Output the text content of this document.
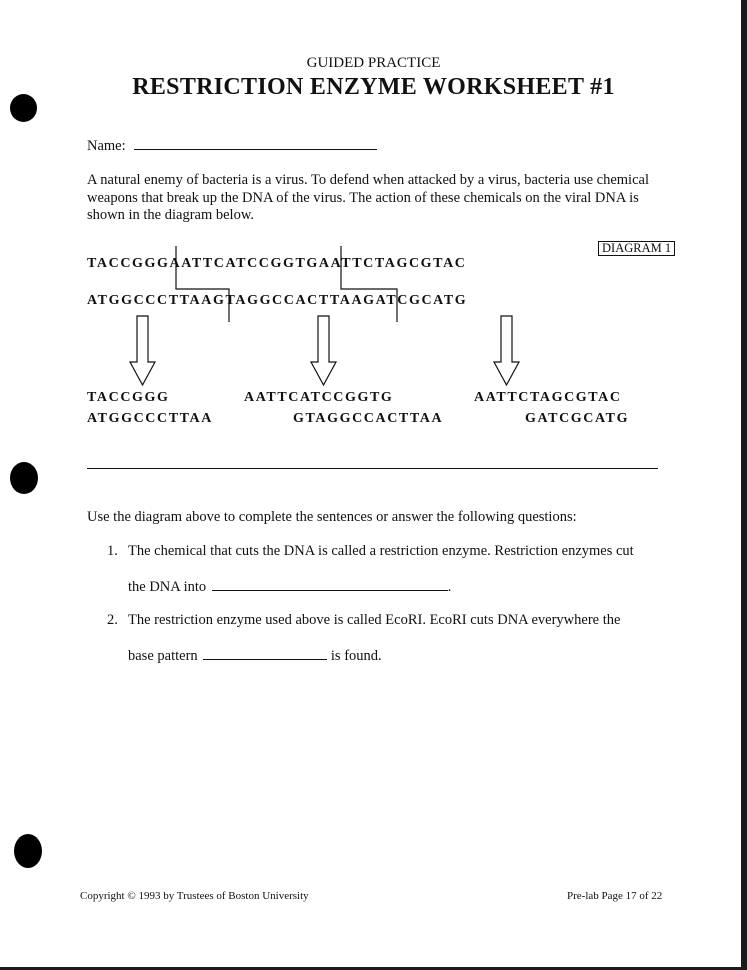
GUIDED PRACTICE
RESTRICTION ENZYME WORKSHEET #1
Name:
A natural enemy of bacteria is a virus. To defend when attacked by a virus, bacteria use chemical weapons that break up the DNA of the virus. The action of these chemicals on the viral DNA is shown in the diagram below.
DIAGRAM 1
TACCGGGAATTCATCCGGTGAATTCTAGCGTAC
ATGGCCCTTAAGTAGGCCACTTAAGATCGCATG
TACCGGG
ATGGCCCTTAA
AATTCATCCGGTG
GTAGGCCACTTAA
AATTCTAGCGTAC
GATCGCATG
Use the diagram above to complete the sentences or answer the following questions:
1. The chemical that cuts the DNA is called a restriction enzyme. Restriction enzymes cut
the DNA into	.
2. The restriction enzyme used above is called EcoRI. EcoRI cuts DNA everywhere the
base pattern	is found.
Copyright © 1993 by Trustees of Boston University	Pre-lab Page 17 of 22
